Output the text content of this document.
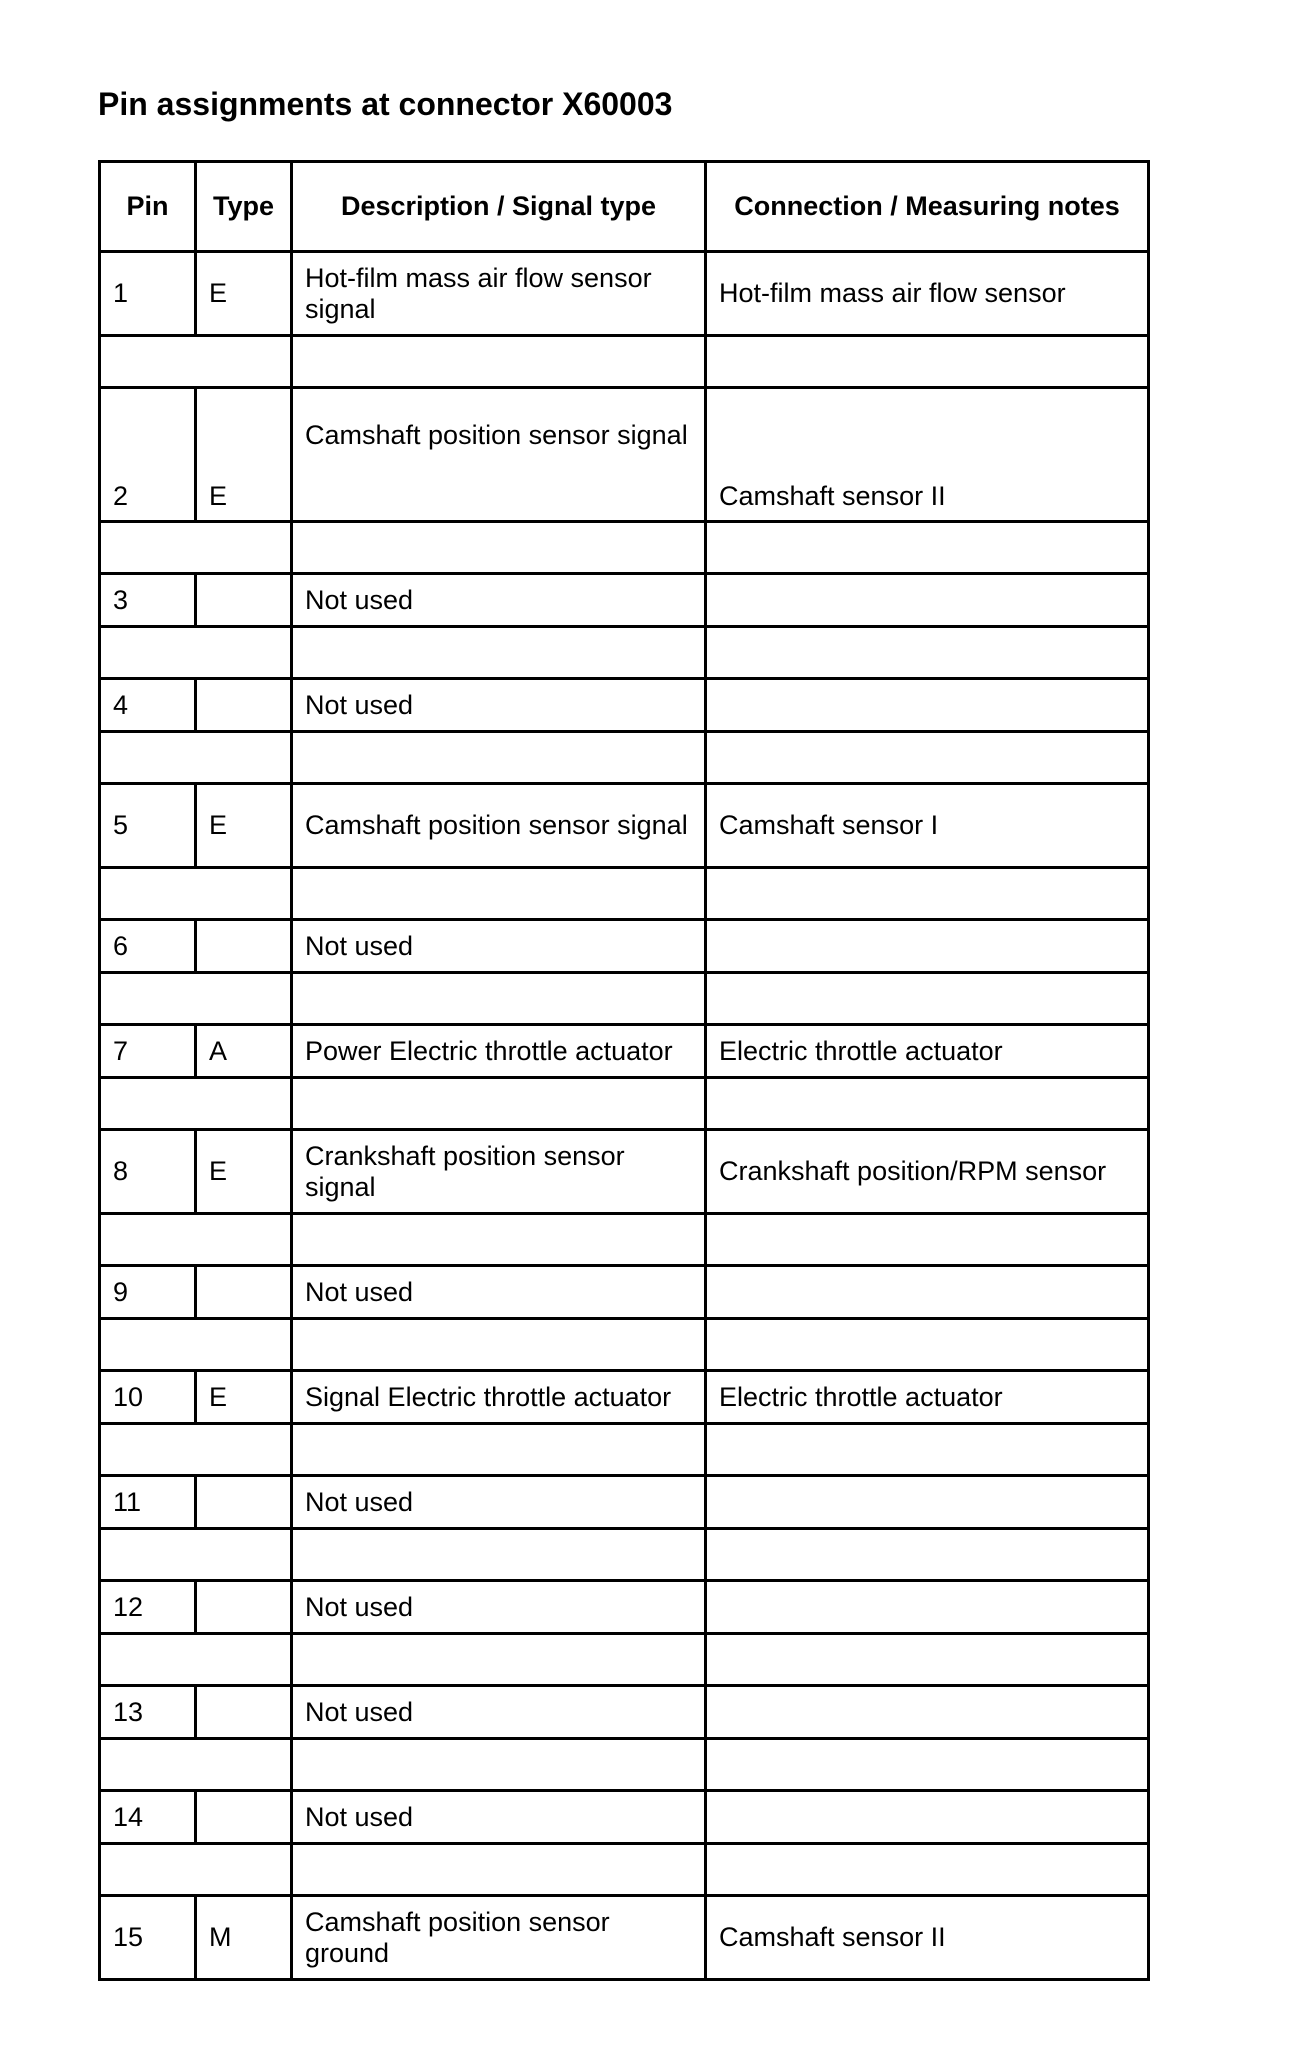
Pin assignments at connector X60003
Pin	Type	Description / Signal type	Connection / Measuring notes
1	E	Hot-film mass air flow sensor signal	Hot-film mass air flow sensor

2	E	Camshaft position sensor signal	Camshaft sensor II

3		Not used	

4		Not used	

5	E	Camshaft position sensor signal	Camshaft sensor I

6		Not used	

7	A	Power Electric throttle actuator	Electric throttle actuator

8	E	Crankshaft position sensor signal	Crankshaft position/RPM sensor

9		Not used	

10	E	Signal Electric throttle actuator	Electric throttle actuator

11		Not used	

12		Not used	

13		Not used	

14		Not used	

15	M	Camshaft position sensor ground	Camshaft sensor II
